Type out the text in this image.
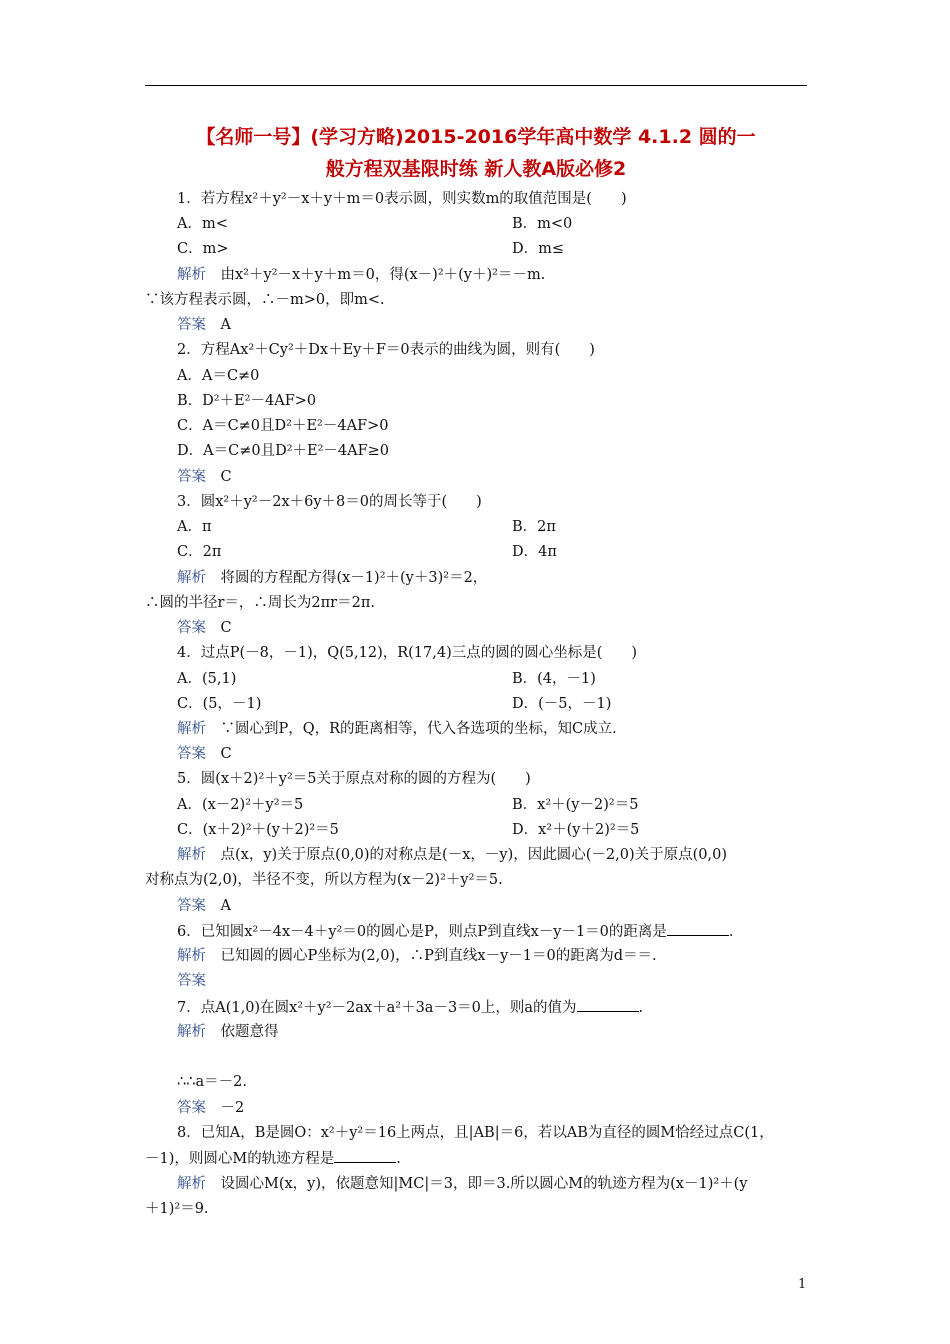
【名师一号】(学习方略)2015-2016学年高中数学 4.1.2 圆的一
般方程双基限时练 新人教A版必修2
1．若方程x²＋y²－x＋y＋m＝0表示圆，则实数m的取值范围是(　　)
A．m<	B．m<0
C．m>	D．m≤
解析　 由x²＋y²－x＋y＋m＝0，得(x－)²＋(y＋)²＝－m.
∵该方程表示圆，∴－m>0，即m<.
答案　 A
2．方程Ax²＋Cy²＋Dx＋Ey＋F＝0表示的曲线为圆，则有(　　)
A．A＝C≠0
B．D²＋E²－4AF>0
C．A＝C≠0且D²＋E²－4AF>0
D．A＝C≠0且D²＋E²－4AF≥0
答案　 C
3．圆x²＋y²－2x＋6y＋8＝0的周长等于(　　)
A．π	B．2π
C．2π	D．4π
解析　 将圆的方程配方得(x－1)²＋(y＋3)²＝2，
∴圆的半径r＝，∴周长为2πr＝2π.
答案　 C
4．过点P(－8，－1)，Q(5,12)，R(17,4)三点的圆的圆心坐标是(　　)
A．(5,1)	B．(4，－1)
C．(5，－1)	D．(－5，－1)
解析　 ∵圆心到P，Q，R的距离相等，代入各选项的坐标，知C成立.
答案　 C
5．圆(x＋2)²＋y²＝5关于原点对称的圆的方程为(　　)
A．(x－2)²＋y²＝5	B．x²＋(y－2)²＝5
C．(x＋2)²＋(y＋2)²＝5	D．x²＋(y＋2)²＝5
解析　 点(x，y)关于原点(0,0)的对称点是(－x，－y)，因此圆心(－2,0)关于原点(0,0)
对称点为(2,0)，半径不变，所以方程为(x－2)²＋y²＝5.
答案　 A
6．已知圆x²－4x－4＋y²＝0的圆心是P，则点P到直线x－y－1＝0的距离是	.
解析　 已知圆的圆心P坐标为(2,0)，∴P到直线x－y－1＝0的距离为d＝＝.
答案　
7．点A(1,0)在圆x²＋y²－2ax＋a²＋3a－3＝0上，则a的值为	.
解析　 依题意得
∴∴a＝－2.
答案　 －2
8．已知A，B是圆O：x²＋y²＝16上两点，且|AB|＝6，若以AB为直径的圆M恰经过点C(1，
－1)，则圆心M的轨迹方程是	.
解析　 设圆心M(x，y)，依题意知|MC|＝3，即＝3.所以圆心M的轨迹方程为(x－1)²＋(y
＋1)²＝9.
1
